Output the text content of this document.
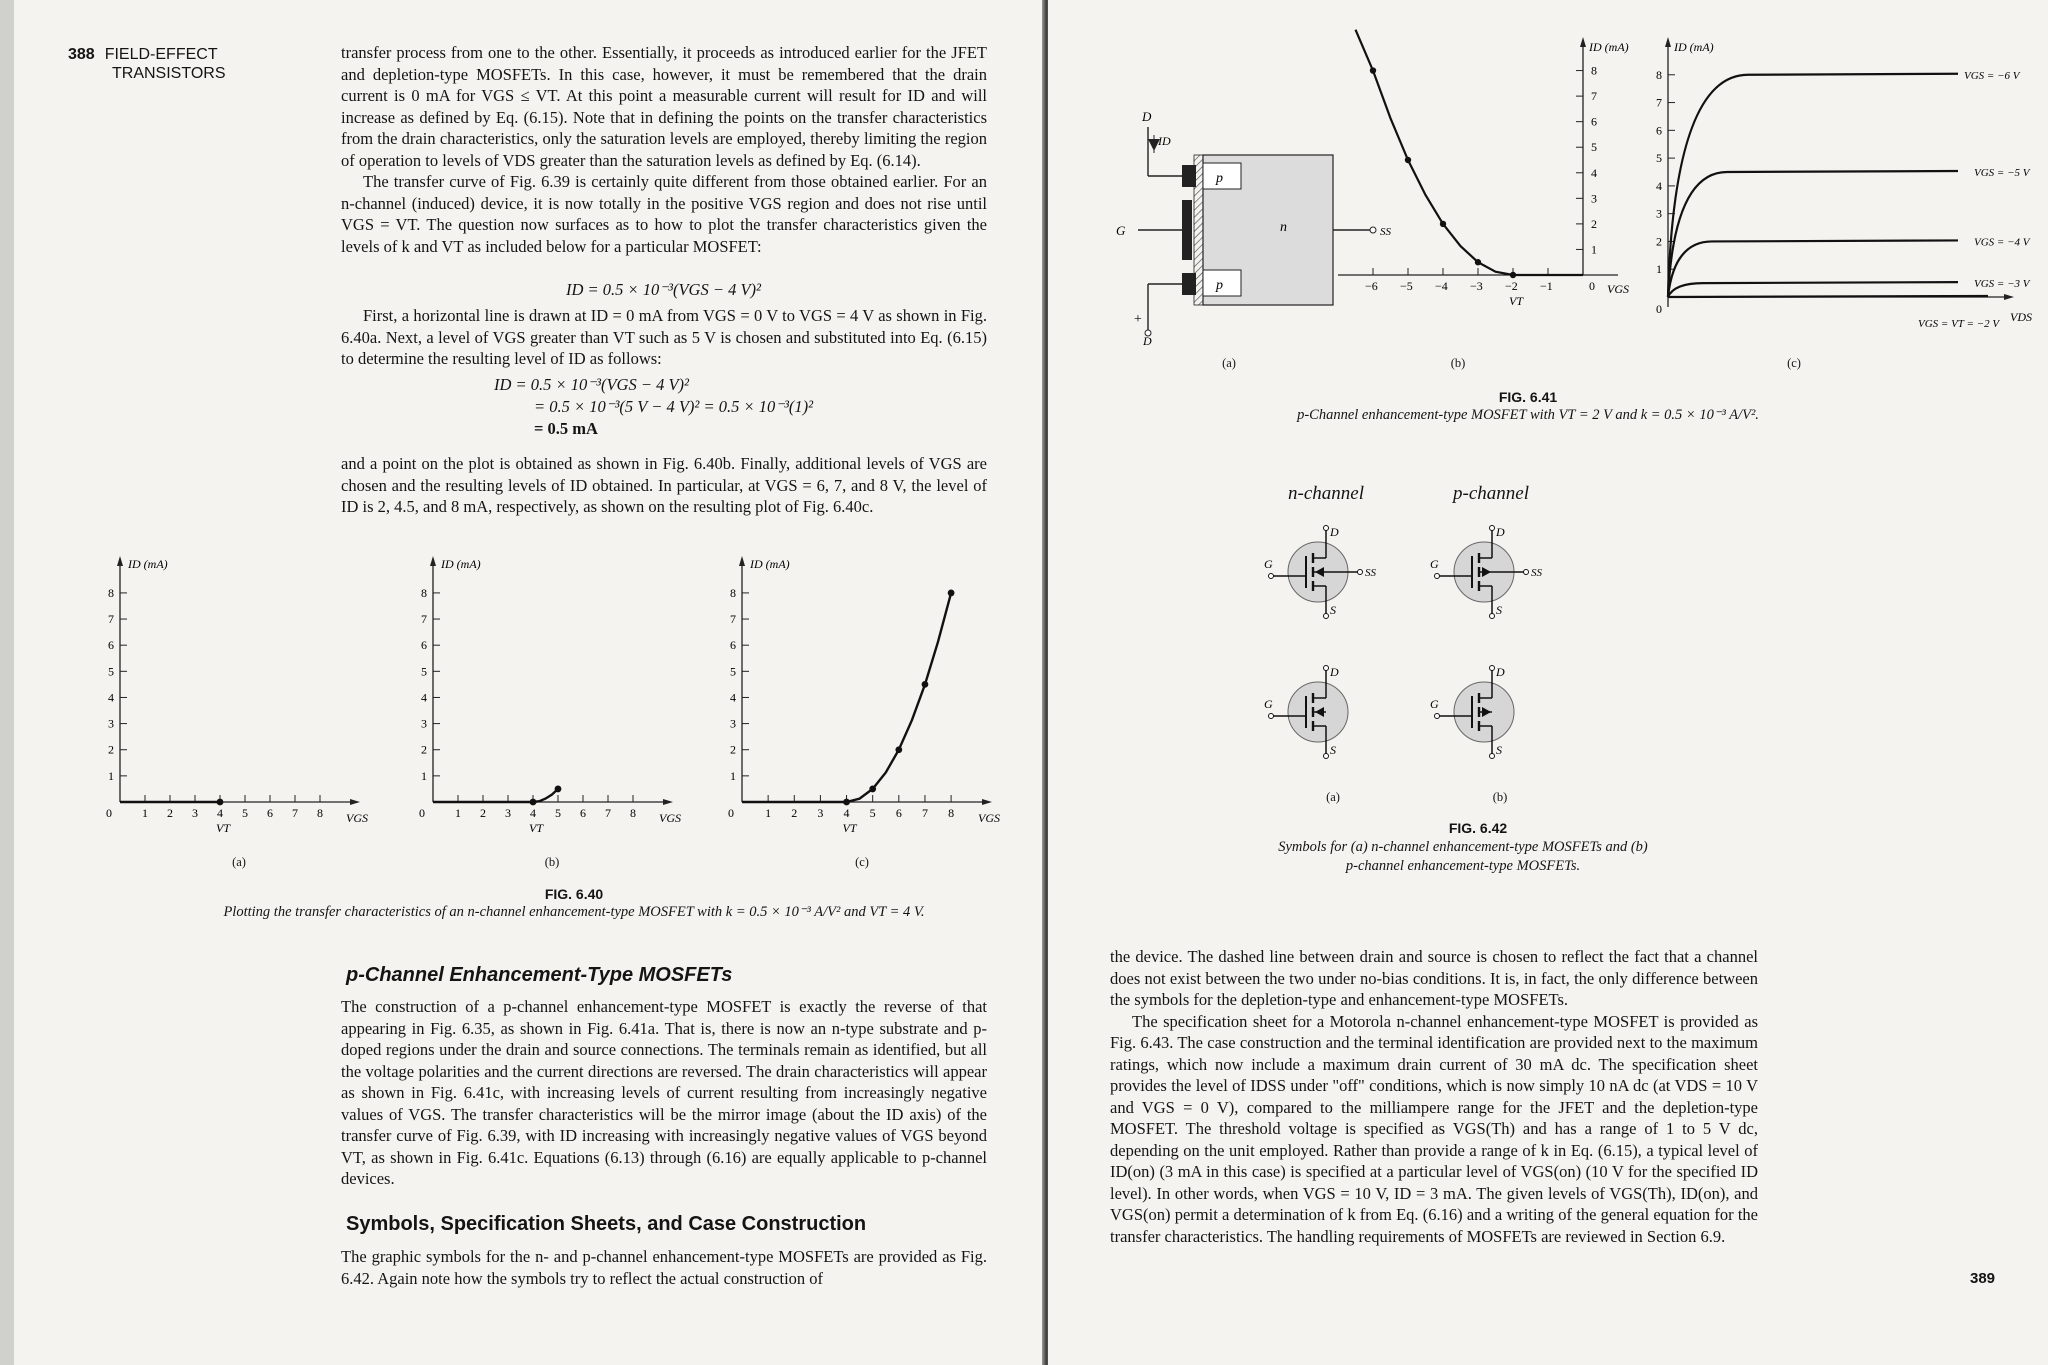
388 FIELD-EFFECT
TRANSISTORS

transfer process from one to the other. Essentially, it proceeds as introduced earlier for the JFET and depletion-type MOSFETs. In this case, however, it must be remembered that the drain current is 0 mA for VGS ≤ VT. At this point a measurable current will result for ID and will increase as defined by Eq. (6.15). Note that in defining the points on the transfer characteristics from the drain characteristics, only the saturation levels are employed, thereby limiting the region of operation to levels of VDS greater than the saturation levels as defined by Eq. (6.14).

The transfer curve of Fig. 6.39 is certainly quite different from those obtained earlier. For an n-channel (induced) device, it is now totally in the positive VGS region and does not rise until VGS = VT. The question now surfaces as to how to plot the transfer characteristics given the levels of k and VT as included below for a particular MOSFET:

ID = 0.5 × 10⁻³(VGS − 4 V)²

First, a horizontal line is drawn at ID = 0 mA from VGS = 0 V to VGS = 4 V as shown in Fig. 6.40a. Next, a level of VGS greater than VT such as 5 V is chosen and substituted into Eq. (6.15) to determine the resulting level of ID as follows:

ID = 0.5 × 10⁻³(VGS − 4 V)²
= 0.5 × 10⁻³(5 V − 4 V)² = 0.5 × 10⁻³(1)²
= 0.5 mA

and a point on the plot is obtained as shown in Fig. 6.40b. Finally, additional levels of VGS are chosen and the resulting levels of ID obtained. In particular, at VGS = 6, 7, and 8 V, the level of ID is 2, 4.5, and 8 mA, respectively, as shown on the resulting plot of Fig. 6.40c.

ID (mA)
VGS
1
2
3
4
5
6
7
8
0	1 2 3 4 5 6 7 8
VT
ID (mA)
VGS
1
2
3
4
5
6
7
8
0	1 2 3 4 5 6 7 8
VT
ID (mA)
VGS
1
2
3
4
5
6
7
8
0	1 2 3 4 5 6 7 8
VT
(a)	(b)	(c)
FIG. 6.40
Plotting the transfer characteristics of an n-channel enhancement-type MOSFET with k = 0.5 × 10⁻³ A/V² and VT = 4 V.
p-Channel Enhancement-Type MOSFETs

The construction of a p-channel enhancement-type MOSFET is exactly the reverse of that appearing in Fig. 6.35, as shown in Fig. 6.41a. That is, there is now an n-type substrate and p-doped regions under the drain and source connections. The terminals remain as identified, but all the voltage polarities and the current directions are reversed. The drain characteristics will appear as shown in Fig. 6.41c, with increasing levels of current resulting from increasingly negative values of VGS. The transfer characteristics will be the mirror image (about the ID axis) of the transfer curve of Fig. 6.39, with ID increasing with increasingly negative values of VGS beyond VT, as shown in Fig. 6.41c. Equations (6.13) through (6.16) are equally applicable to p-channel devices.

Symbols, Specification Sheets, and Case Construction

The graphic symbols for the n- and p-channel enhancement-type MOSFETs are provided as Fig. 6.42. Again note how the symbols try to reflect the actual construction of

D
ID
G	SS
p
p
n
+
D
ID (mA)
VGS
1
2
3
4
5
6
7
8
−6 −5 −4 −3 −2 −1	0
VT
ID (mA)
VDS
0
1
2
3
4
5
6
7
8	VGS = −6 V
VGS = −5 V
VGS = −4 V
VGS = −3 V
VGS = VT = −2 V
(a)	(b)	(c)
FIG. 6.41
p-Channel enhancement-type MOSFET with VT = 2 V and k = 0.5 × 10⁻³ A/V².
SS
D
S
G
SS
D
S
G
D
S
G
D
S
G
n-channel	p-channel
(a)	(b)
FIG. 6.42
Symbols for (a) n-channel enhancement-type MOSFETs and (b) p-channel enhancement-type MOSFETs.

the device. The dashed line between drain and source is chosen to reflect the fact that a channel does not exist between the two under no-bias conditions. It is, in fact, the only difference between the symbols for the depletion-type and enhancement-type MOSFETs.

The specification sheet for a Motorola n-channel enhancement-type MOSFET is provided as Fig. 6.43. The case construction and the terminal identification are provided next to the maximum ratings, which now include a maximum drain current of 30 mA dc. The specification sheet provides the level of IDSS under "off" conditions, which is now simply 10 nA dc (at VDS = 10 V and VGS = 0 V), compared to the milliampere range for the JFET and the depletion-type MOSFET. The threshold voltage is specified as VGS(Th) and has a range of 1 to 5 V dc, depending on the unit employed. Rather than provide a range of k in Eq. (6.15), a typical level of ID(on) (3 mA in this case) is specified at a particular level of VGS(on) (10 V for the specified ID level). In other words, when VGS = 10 V, ID = 3 mA. The given levels of VGS(Th), ID(on), and VGS(on) permit a determination of k from Eq. (6.16) and a writing of the general equation for the transfer characteristics. The handling requirements of MOSFETs are reviewed in Section 6.9.

389
